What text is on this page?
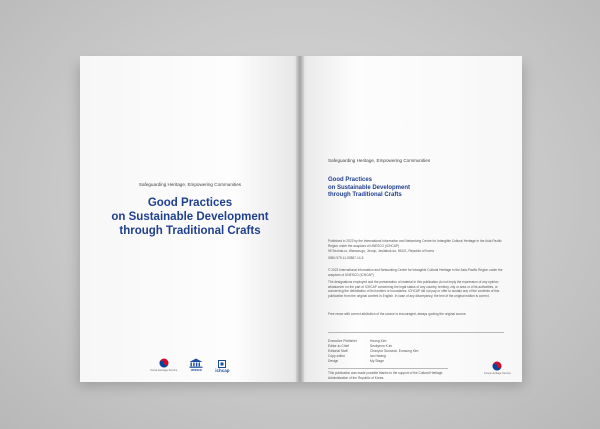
Safeguarding Heritage, Empowering Communities
Good Practices
on Sustainable Development
through Traditional Crafts
Korea Heritage Service	unesco	ichcap
Safeguarding Heritage, Empowering Communities
Good Practices
on Sustainable Development
through Traditional Crafts
Published in 2023 by the International Information and Networking Centre for Intangible Cultural Heritage in the Asia-Pacific Region under the auspices of UNESCO (ICHCAP)
95 Seohak-ro, Wansan-gu, Jeonju, Jeollabuk-do, 55101, Republic of Korea
ISBN 979-11-92867-14-5
© 2023 International Information and Networking Centre for Intangible Cultural Heritage in the Asia-Pacific Region under the auspices of UNESCO (ICHCAP)
The designations employed and the presentation of material in this publication do not imply the expression of any opinion whatsoever on the part of ICHCAP concerning the legal status of any country, territory, city or area or of its authorities, or concerning the delimitation of its frontiers or boundaries. ICHCAP did not pay or offer to sustain any of the contents of this publication from the original content in English. In case of any discrepancy, the text of the original edition is correct.
Free reuse with correct attribution of the source is encouraged, always quoting the original source.
Executive Publisher	Hoong Kim
Editor-in-Chief	Seokyeon K.im
Editorial Staff	Chanyoo Sunseok, Eunsung Kim
Copy-editor	Ian Hwang
Design	My Stage
This publication was made possible thanks to the support of the Cultural Heritage Administration of the Republic of Korea.
Korea Heritage Service
